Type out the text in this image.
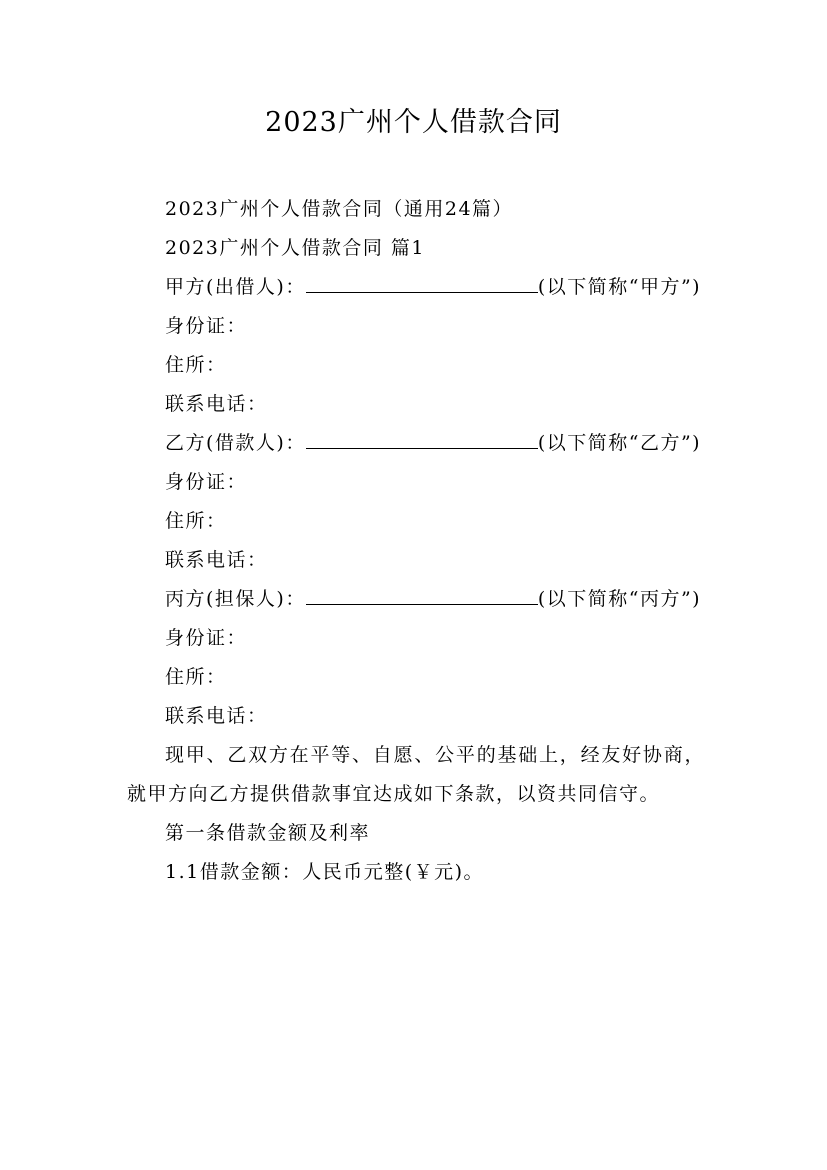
2023广州个人借款合同

2023广州个人借款合同（通用24篇）

2023广州个人借款合同 篇1

甲方(出借人)：	(以下简称“甲方”)

身份证：

住所：

联系电话：

乙方(借款人)：	(以下简称“乙方”)

身份证：

住所：

联系电话：

丙方(担保人)：	(以下简称“丙方”)

身份证：

住所：

联系电话：

现甲、乙双方在平等、自愿、公平的基础上，经友好协商，就甲方向乙方提供借款事宜达成如下条款，以资共同信守。

第一条借款金额及利率

1.1借款金额：人民币元整(￥元)。
